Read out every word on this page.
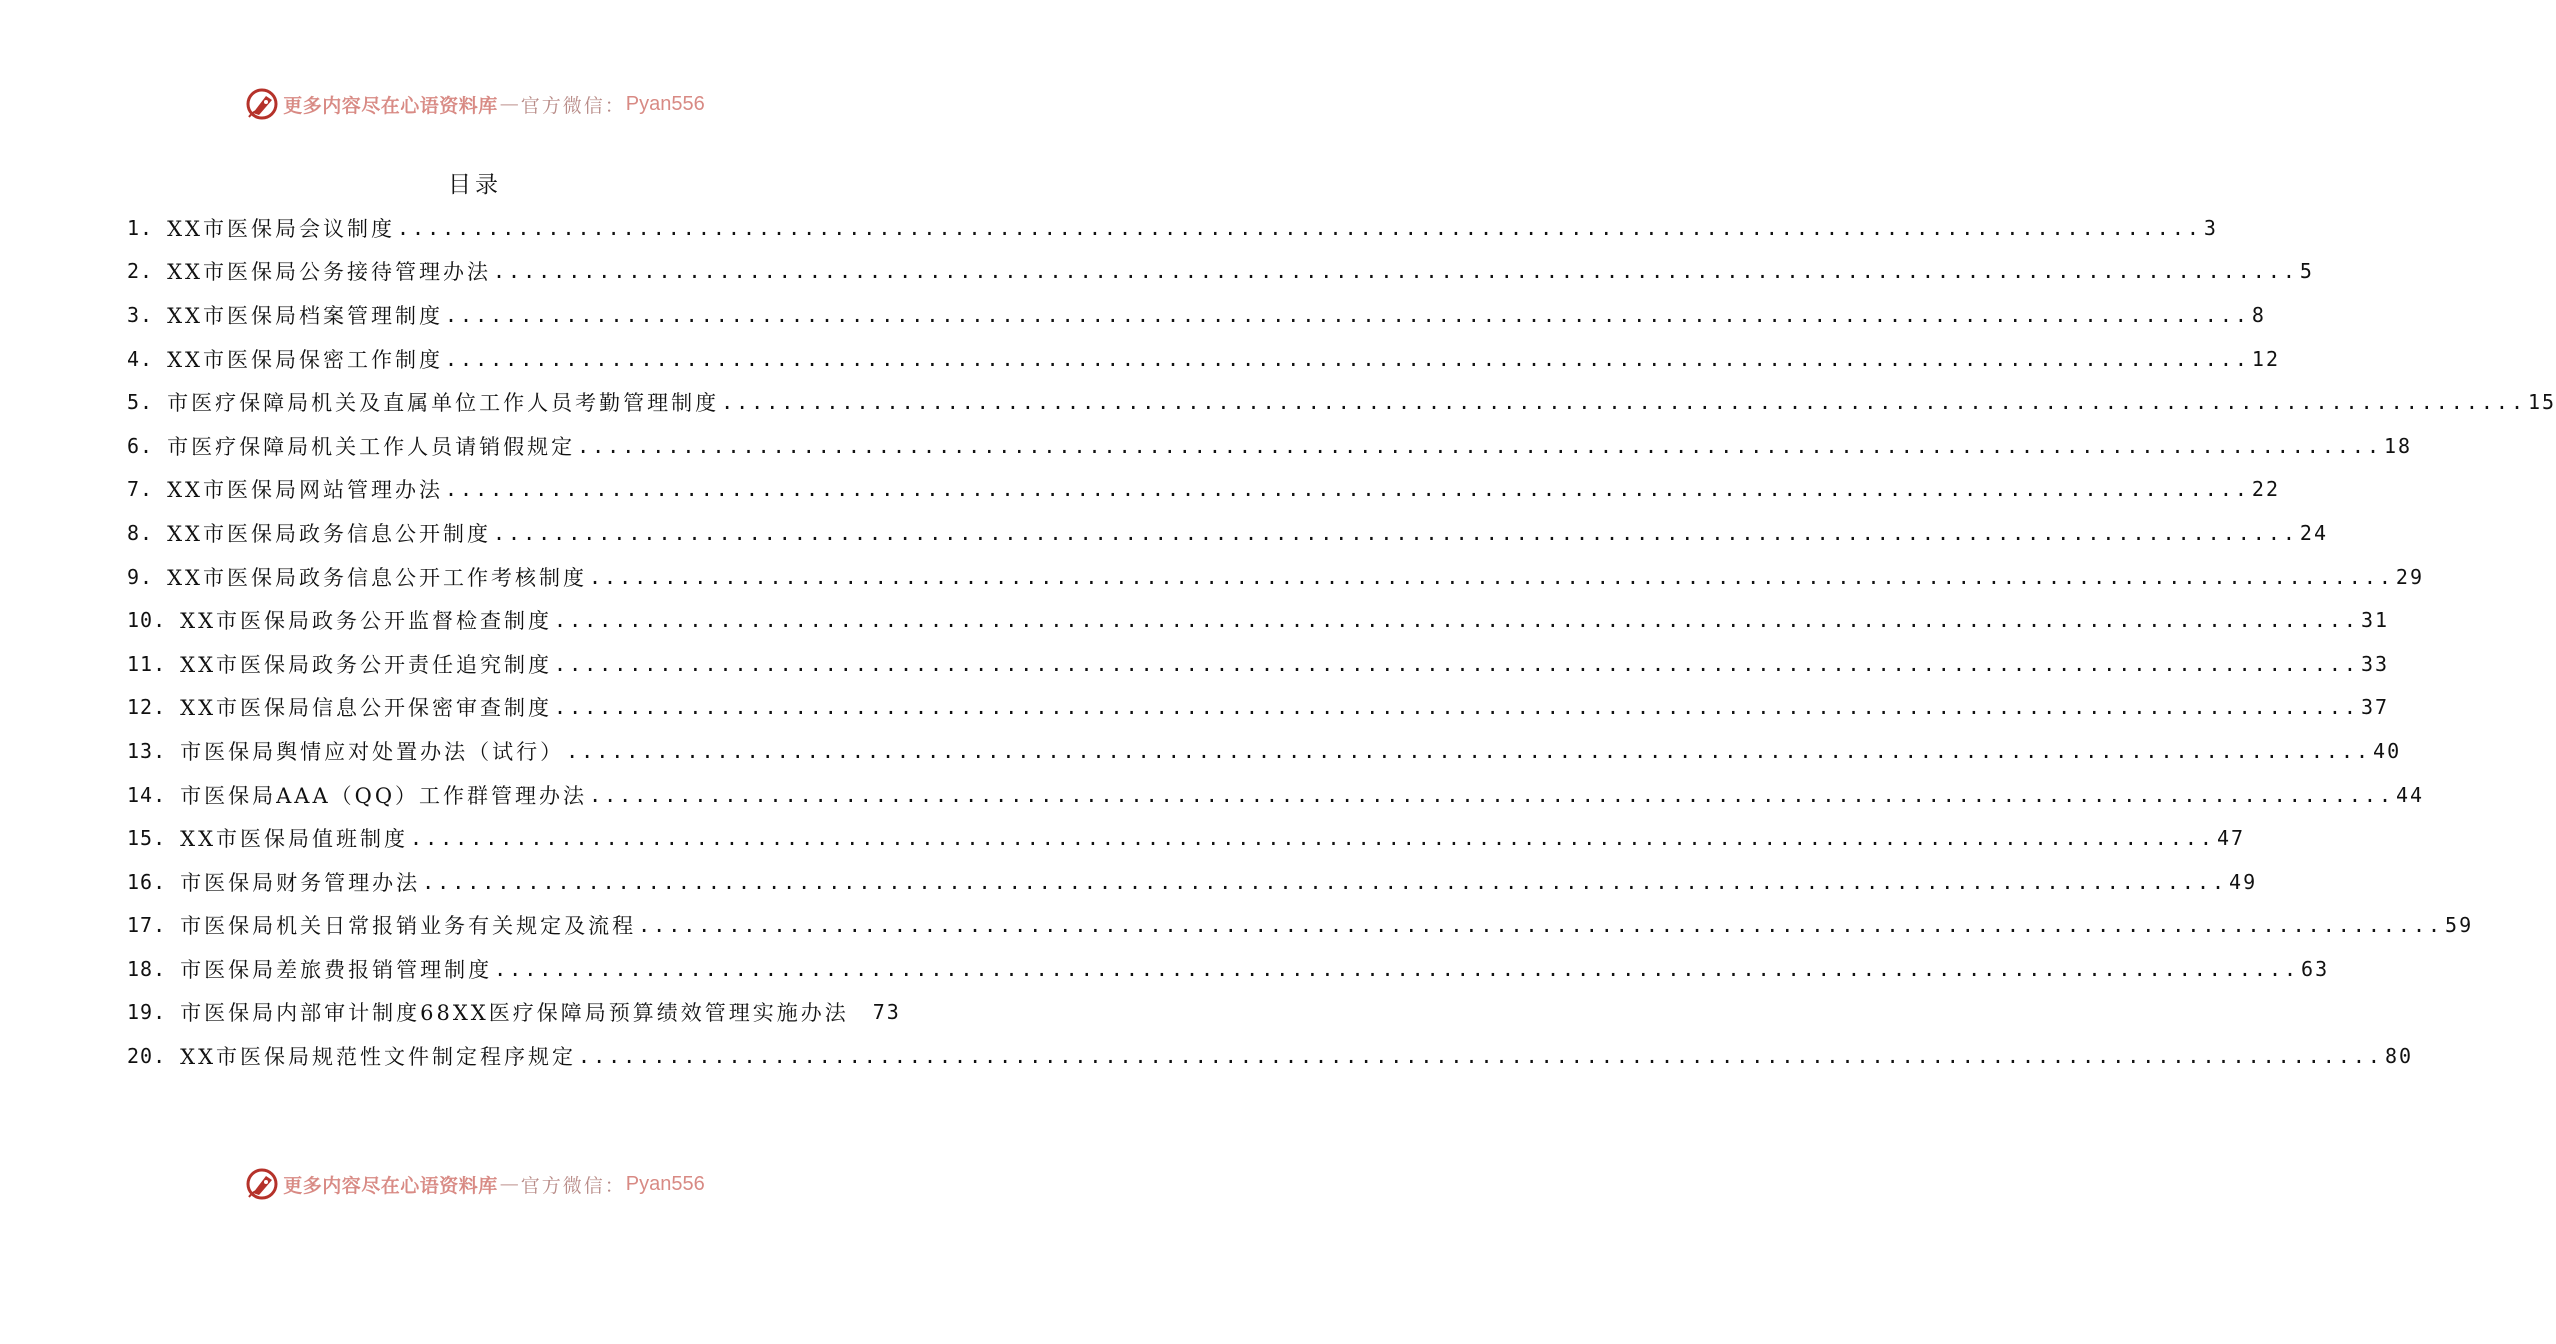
更多内容尽在心语资料库 — 官方微信： Pyan556
目录
1. XX市医保局会议制度 ........................................................................................................................ 3
2. XX市医保局公务接待管理办法 ........................................................................................................................ 5
3. XX市医保局档案管理制度 ........................................................................................................................ 8
4. XX市医保局保密工作制度 ........................................................................................................................ 12
5. 市医疗保障局机关及直属单位工作人员考勤管理制度 ........................................................................................................................ 15
6. 市医疗保障局机关工作人员请销假规定 ........................................................................................................................ 18
7. XX市医保局网站管理办法 ........................................................................................................................ 22
8. XX市医保局政务信息公开制度 ........................................................................................................................ 24
9. XX市医保局政务信息公开工作考核制度 ........................................................................................................................ 29
10. XX市医保局政务公开监督检查制度 ........................................................................................................................ 31
11. XX市医保局政务公开责任追究制度 ........................................................................................................................ 33
12. XX市医保局信息公开保密审查制度 ........................................................................................................................ 37
13. 市医保局舆情应对处置办法（试行） ........................................................................................................................ 40
14. 市医保局AAA（QQ）工作群管理办法 ........................................................................................................................ 44
15. XX市医保局值班制度 ........................................................................................................................ 47
16. 市医保局财务管理办法 ........................................................................................................................ 49
17. 市医保局机关日常报销业务有关规定及流程 ........................................................................................................................ 59
18. 市医保局差旅费报销管理制度 ........................................................................................................................ 63
19. 市医保局内部审计制度68XX医疗保障局预算绩效管理实施办法 73
20. XX市医保局规范性文件制定程序规定 ........................................................................................................................ 80
更多内容尽在心语资料库 — 官方微信： Pyan556
